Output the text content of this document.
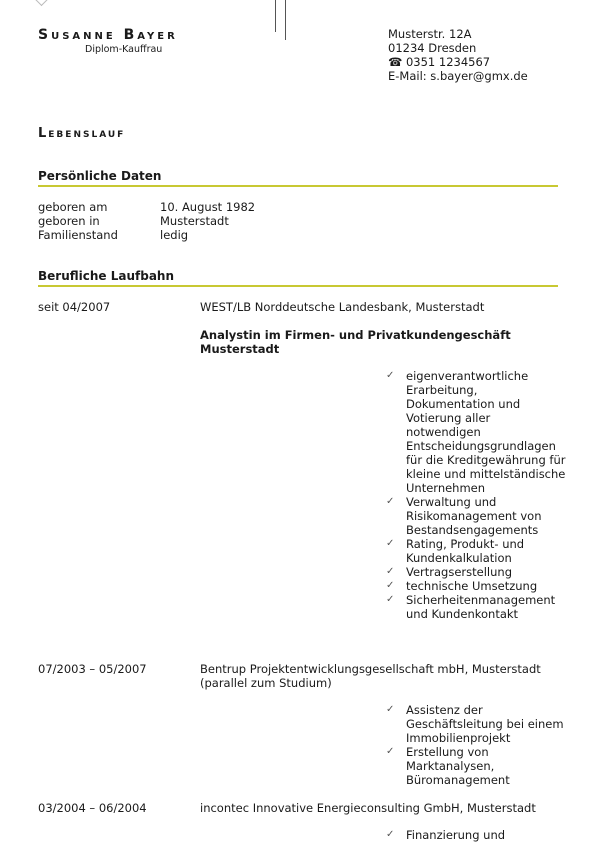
Susanne Bayer
Diplom-Kauffrau
Musterstr. 12A
01234 Dresden
☎ 0351 1234567
E-Mail: s.bayer@gmx.de
Lebenslauf
Persönliche Daten
geboren am	10. August 1982
geboren in	Musterstadt
Familienstand	ledig
Berufliche Laufbahn
seit 04/2007	WEST/LB Norddeutsche Landesbank, Musterstadt
Analystin im Firmen- und Privatkundengeschäft Musterstadt
✓ eigenverantwortliche Erarbeitung, Dokumentation und Votierung aller notwendigen Entscheidungsgrundlagen für die Kreditgewährung für kleine und mittelständische Unternehmen
✓ Verwaltung und Risikomanagement von Bestandsengagements
✓ Rating, Produkt- und Kundenkalkulation
✓ Vertragserstellung
✓ technische Umsetzung
✓ Sicherheitenmanagement und Kundenkontakt
07/2003 – 05/2007	Bentrup Projektentwicklungsgesellschaft mbH, Musterstadt (parallel zum Studium)
✓ Assistenz der Geschäftsleitung bei einem Immobilienprojekt
✓ Erstellung von Marktanalysen, Büromanagement
03/2004 – 06/2004	incontec Innovative Energieconsulting GmbH, Musterstadt
✓ Finanzierung und
